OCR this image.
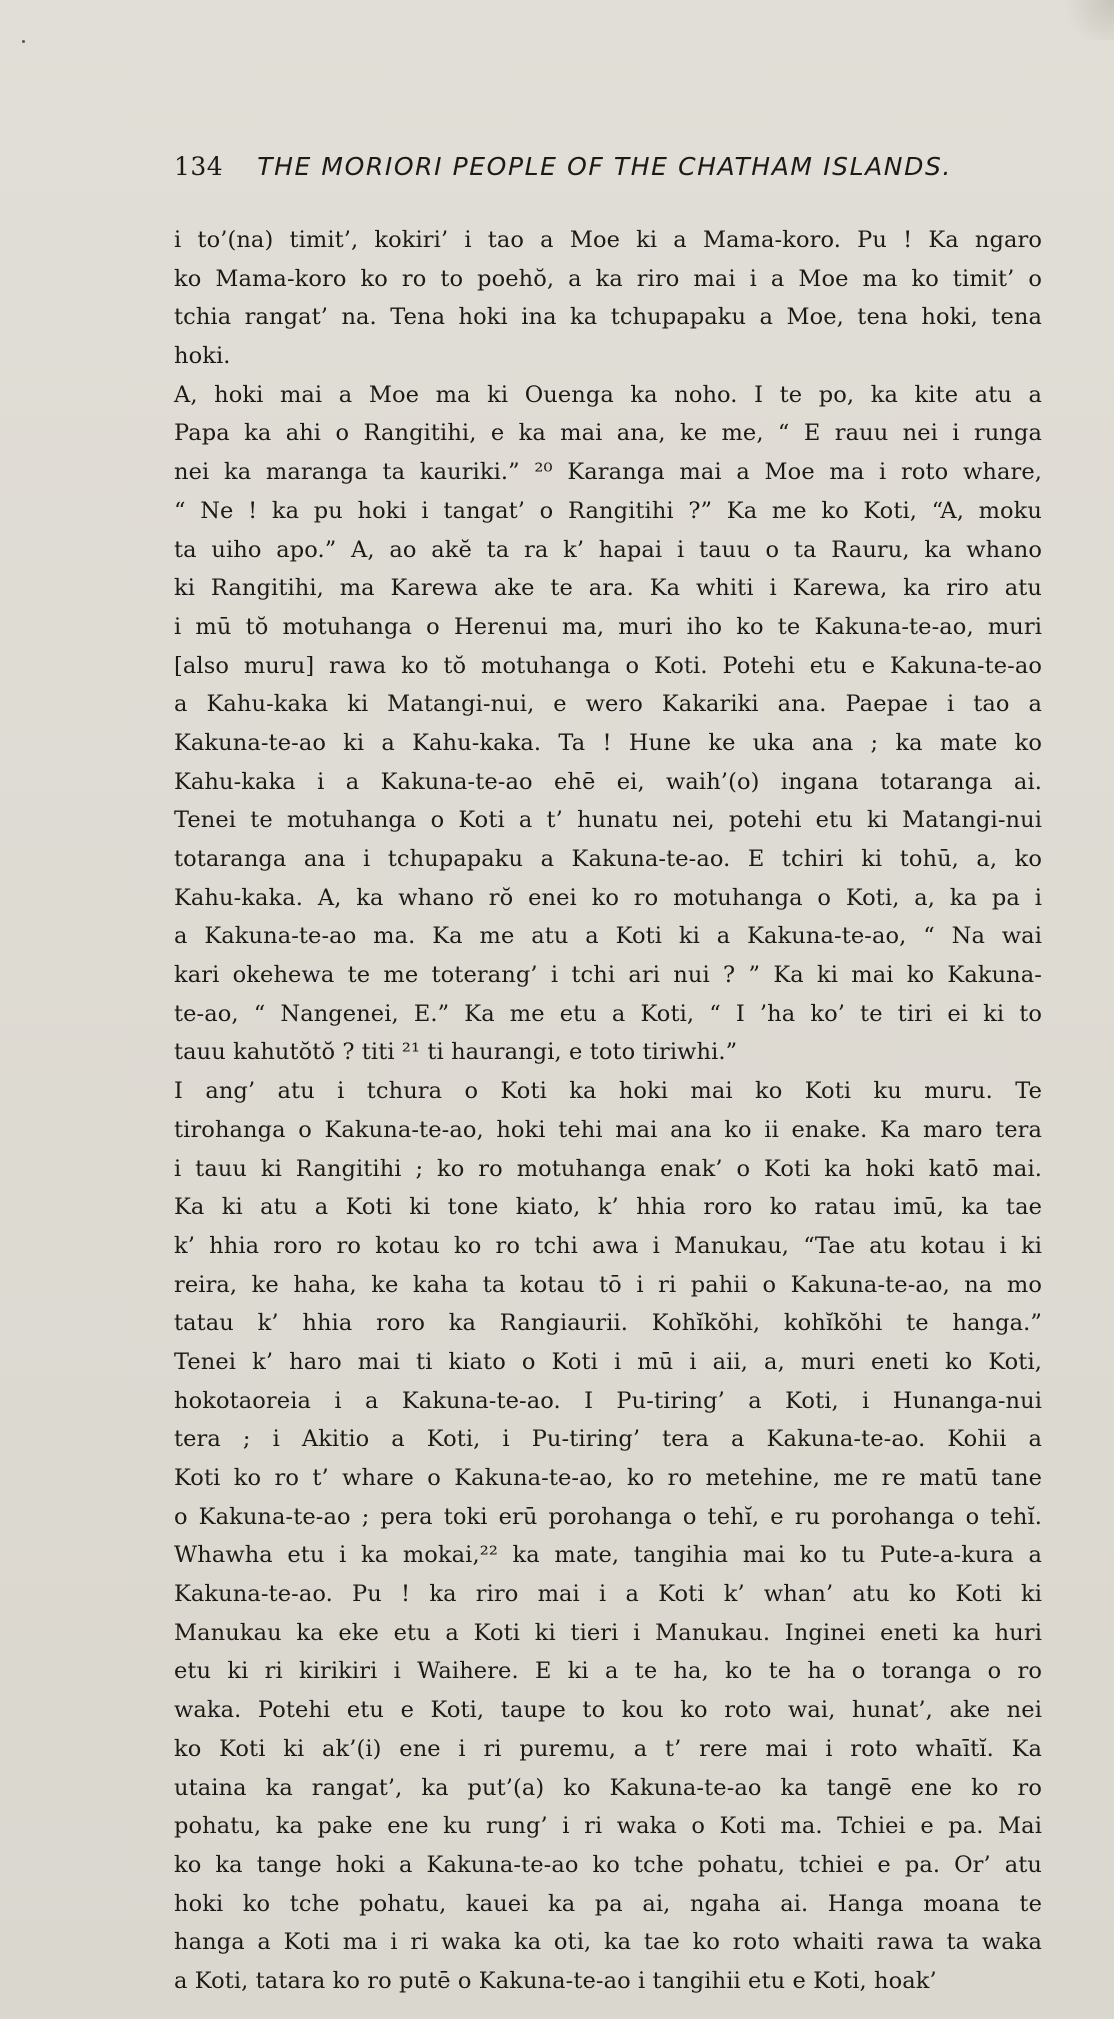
134 THE MORIORI PEOPLE OF THE CHATHAM ISLANDS.
i to’(na) timit’, kokiri’ i tao a Moe ki a Mama-koro. Pu ! Ka ngaro
ko Mama-koro ko ro to poehŏ, a ka riro mai i a Moe ma ko timit’ o
tchia rangat’ na. Tena hoki ina ka tchupapaku a Moe, tena hoki, tena
hoki.
A, hoki mai a Moe ma ki Ouenga ka noho. I te po, ka kite atu a
Papa ka ahi o Rangitihi, e ka mai ana, ke me, “ E rauu nei i runga
nei ka maranga ta kauriki.” ²⁰ Karanga mai a Moe ma i roto whare,
“ Ne ! ka pu hoki i tangat’ o Rangitihi ?” Ka me ko Koti, “A, moku
ta uiho apo.” A, ao akĕ ta ra k’ hapai i tauu o ta Rauru, ka whano
ki Rangitihi, ma Karewa ake te ara. Ka whiti i Karewa, ka riro atu
i mū tŏ motuhanga o Herenui ma, muri iho ko te Kakuna-te-ao, muri
[also muru] rawa ko tŏ motuhanga o Koti. Potehi etu e Kakuna-te-ao
a Kahu-kaka ki Matangi-nui, e wero Kakariki ana. Paepae i tao a
Kakuna-te-ao ki a Kahu-kaka. Ta ! Hune ke uka ana ; ka mate ko
Kahu-kaka i a Kakuna-te-ao ehē ei, waih’(o) ingana totaranga ai.
Tenei te motuhanga o Koti a t’ hunatu nei, potehi etu ki Matangi-nui
totaranga ana i tchupapaku a Kakuna-te-ao. E tchiri ki tohū, a, ko
Kahu-kaka. A, ka whano rŏ enei ko ro motuhanga o Koti, a, ka pa i
a Kakuna-te-ao ma. Ka me atu a Koti ki a Kakuna-te-ao, “ Na wai
kari okehewa te me toterang’ i tchi ari nui ? ” Ka ki mai ko Kakuna-
te-ao, “ Nangenei, E.” Ka me etu a Koti, “ I ’ha ko’ te tiri ei ki to
tauu kahutŏtŏ ? titi ²¹ ti haurangi, e toto tiriwhi.”
I ang’ atu i tchura o Koti ka hoki mai ko Koti ku muru. Te
tirohanga o Kakuna-te-ao, hoki tehi mai ana ko ii enake. Ka maro tera
i tauu ki Rangitihi ; ko ro motuhanga enak’ o Koti ka hoki katō mai.
Ka ki atu a Koti ki tone kiato, k’ hhia roro ko ratau imū, ka tae
k’ hhia roro ro kotau ko ro tchi awa i Manukau, “Tae atu kotau i ki
reira, ke haha, ke kaha ta kotau tō i ri pahii o Kakuna-te-ao, na mo
tatau k’ hhia roro ka Rangiaurii. Kohĭkŏhi, kohĭkŏhi te hanga.”
Tenei k’ haro mai ti kiato o Koti i mū i aii, a, muri eneti ko Koti,
hokotaoreia i a Kakuna-te-ao. I Pu-tiring’ a Koti, i Hunanga-nui
tera ; i Akitio a Koti, i Pu-tiring’ tera a Kakuna-te-ao. Kohii a
Koti ko ro t’ whare o Kakuna-te-ao, ko ro metehine, me re matū tane
o Kakuna-te-ao ; pera toki erū porohanga o tehĭ, e ru porohanga o tehĭ.
Whawha etu i ka mokai,²² ka mate, tangihia mai ko tu Pute-a-kura a
Kakuna-te-ao. Pu ! ka riro mai i a Koti k’ whan’ atu ko Koti ki
Manukau ka eke etu a Koti ki tieri i Manukau. Inginei eneti ka huri
etu ki ri kirikiri i Waihere. E ki a te ha, ko te ha o toranga o ro
waka. Potehi etu e Koti, taupe to kou ko roto wai, hunat’, ake nei
ko Koti ki ak’(i) ene i ri puremu, a t’ rere mai i roto whaītĭ. Ka
utaina ka rangat’, ka put’(a) ko Kakuna-te-ao ka tangē ene ko ro
pohatu, ka pake ene ku rung’ i ri waka o Koti ma. Tchiei e pa. Mai
ko ka tange hoki a Kakuna-te-ao ko tche pohatu, tchiei e pa. Or’ atu
hoki ko tche pohatu, kauei ka pa ai, ngaha ai. Hanga moana te
hanga a Koti ma i ri waka ka oti, ka tae ko roto whaiti rawa ta waka
a Koti, tatara ko ro putē o Kakuna-te-ao i tangihii etu e Koti, hoak’
